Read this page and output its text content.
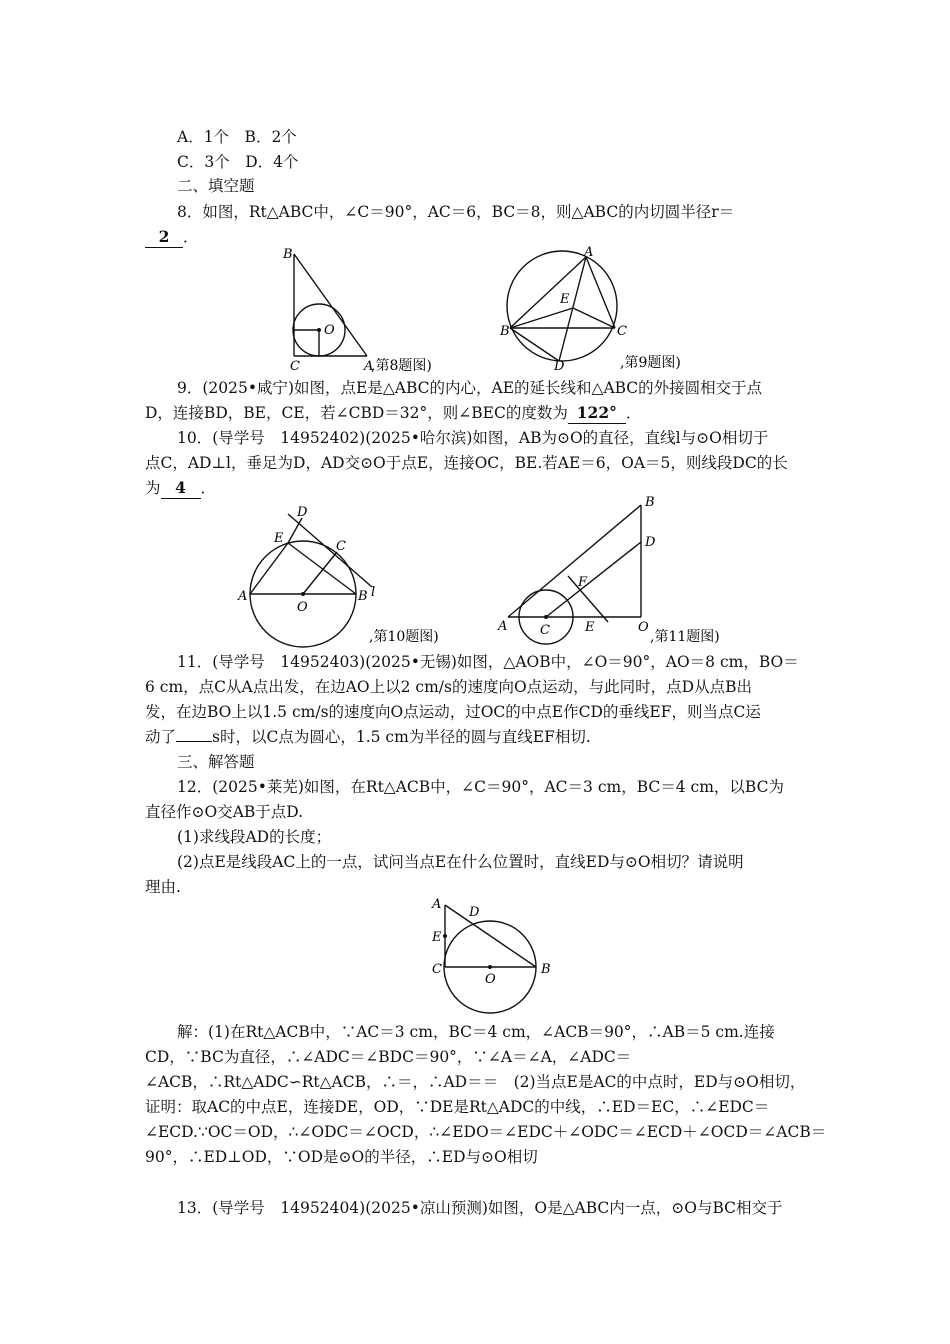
A．1个　B．2个
C．3个　D．4个
二、填空题
8．如图，Rt△ABC中，∠C＝90°，AC＝6，BC＝8，则△ABC的内切圆半径r＝
2 ．
B
O
C	A
,第8题图)
A
E
B	C
D	,第9题图)
9．(2025•咸宁)如图，点E是△ABC的内心，AE的延长线和△ABC的外接圆相交于点
D，连接BD，BE，CE，若∠CBD＝32°，则∠BEC的度数为 122° ．
10．(导学号　14952402)(2025•哈尔滨)如图，AB为⊙O的直径，直线l与⊙O相切于
点C，AD⊥l，垂足为D，AD交⊙O于点E，连接OC，BE.若AE＝6，OA＝5，则线段DC的长
为 4 ．
D
E
C
A
O
B l
,第10题图)
B
D
F
A	C	E	O
,第11题图)
11．(导学号　14952403)(2025•无锡)如图，△AOB中，∠O＝90°，AO＝8 cm，BO＝
6 cm，点C从A点出发，在边AO上以2 cm/s的速度向O点运动，与此同时，点D从点B出
发，在边BO上以1.5 cm/s的速度向O点运动，过OC的中点E作CD的垂线EF，则当点C运
动了 s时，以C点为圆心，1.5 cm为半径的圆与直线EF相切.
三、解答题
12．(2025•莱芜)如图，在Rt△ACB中，∠C＝90°，AC＝3 cm，BC＝4 cm，以BC为
直径作⊙O交AB于点D.
(1)求线段AD的长度；
(2)点E是线段AC上的一点，试问当点E在什么位置时，直线ED与⊙O相切？请说明
理由.
A
D
E
C
O
B
解：(1)在Rt△ACB中，∵AC＝3 cm，BC＝4 cm，∠ACB＝90°，∴AB＝5 cm.连接
CD，∵BC为直径，∴∠ADC＝∠BDC＝90°，∵∠A＝∠A，∠ADC＝
∠ACB，∴Rt△ADC∽Rt△ACB，∴＝，∴AD＝＝　(2)当点E是AC的中点时，ED与⊙O相切，
证明：取AC的中点E，连接DE，OD，∵DE是Rt△ADC的中线，∴ED＝EC，∴∠EDC＝
∠ECD.∵OC＝OD，∴∠ODC＝∠OCD，∴∠EDO＝∠EDC＋∠ODC＝∠ECD＋∠OCD＝∠ACB＝
90°，∴ED⊥OD，∵OD是⊙O的半径，∴ED与⊙O相切
13．(导学号　14952404)(2025•凉山预测)如图，O是△ABC内一点，⊙O与BC相交于
